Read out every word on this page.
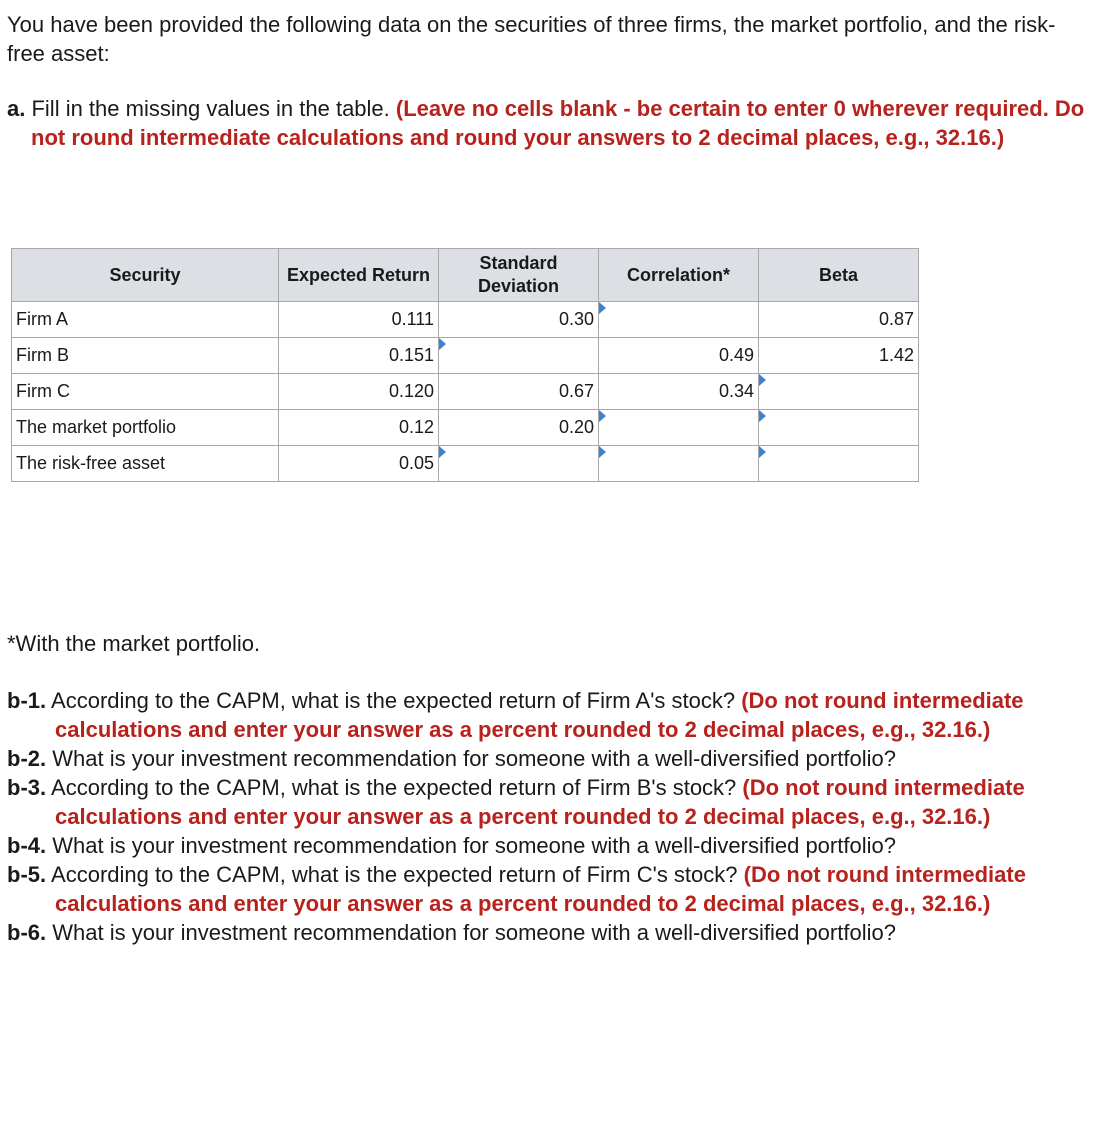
You have been provided the following data on the securities of three firms, the market portfolio, and the risk-free asset:
a. Fill in the missing values in the table. (Leave no cells blank - be certain to enter 0 wherever required. Do not round intermediate calculations and round your answers to 2 decimal places, e.g., 32.16.)
Security	Expected Return	Standard Deviation	Correlation*	Beta
Firm A	0.111	0.30		0.87
Firm B	0.151		0.49	1.42
Firm C	0.120	0.67	0.34	

The market portfolio	0.12	0.20	

The risk-free asset	0.05	

*With the market portfolio.
b-1. According to the CAPM, what is the expected return of Firm A's stock? (Do not round intermediate calculations and enter your answer as a percent rounded to 2 decimal places, e.g., 32.16.)
b-2. What is your investment recommendation for someone with a well-diversified portfolio?
b-3. According to the CAPM, what is the expected return of Firm B's stock? (Do not round intermediate calculations and enter your answer as a percent rounded to 2 decimal places, e.g., 32.16.)
b-4. What is your investment recommendation for someone with a well-diversified portfolio?
b-5. According to the CAPM, what is the expected return of Firm C's stock? (Do not round intermediate calculations and enter your answer as a percent rounded to 2 decimal places, e.g., 32.16.)
b-6. What is your investment recommendation for someone with a well-diversified portfolio?
